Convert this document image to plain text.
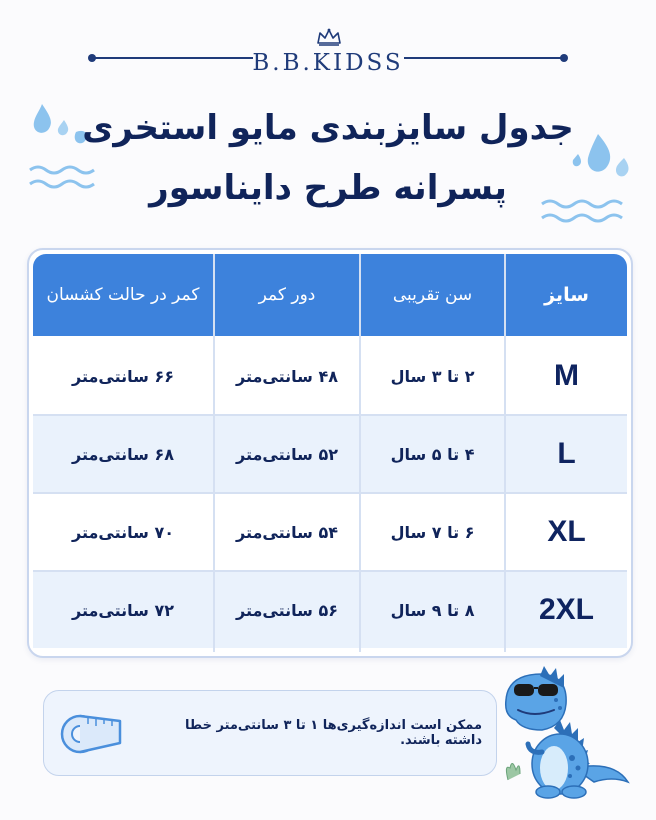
B.B.KIDSS
جدول سایزبندی مایو استخری
پسرانه طرح دایناسور
سایز
سن تقریبی
دور کمر
کمر در حالت کشسان
M
۲ تا ۳ سال
۴۸ سانتی‌متر
۶۶ سانتی‌متر
L
۴ تا ۵ سال
۵۲ سانتی‌متر
۶۸ سانتی‌متر
XL
۶ تا ۷ سال
۵۴ سانتی‌متر
۷۰ سانتی‌متر
2XL
۸ تا ۹ سال
۵۶ سانتی‌متر
۷۲ سانتی‌متر
ممکن است اندازه‌گیری‌ها ۱ تا ۳ سانتی‌متر خطا داشته باشند.
